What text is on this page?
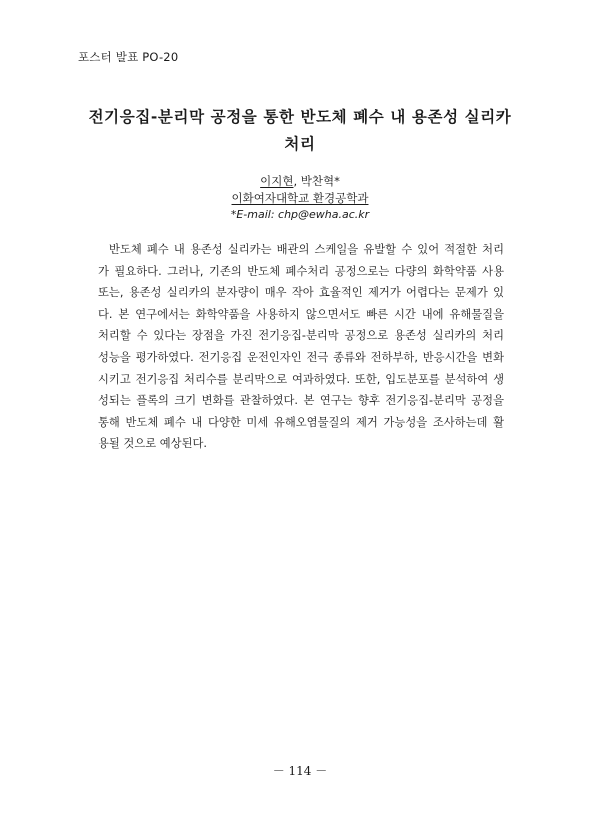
포스터 발표 PO-20
전기응집-분리막 공정을 통한 반도체 폐수 내 용존성 실리카
처리
이지현, 박찬혁*
이화여자대학교 환경공학과
*E-mail: chp@ewha.ac.kr
반도체 폐수 내 용존성 실리카는 배관의 스케일을 유발할 수 있어 적절한 처리
가 필요하다. 그러나, 기존의 반도체 폐수처리 공정으로는 다량의 화학약품 사용
또는, 용존성 실리카의 분자량이 매우 작아 효율적인 제거가 어렵다는 문제가 있
다. 본 연구에서는 화학약품을 사용하지 않으면서도 빠른 시간 내에 유해물질을
처리할 수 있다는 장점을 가진 전기응집-분리막 공정으로 용존성 실리카의 처리
성능을 평가하였다. 전기응집 운전인자인 전극 종류와 전하부하, 반응시간을 변화
시키고 전기응집 처리수를 분리막으로 여과하였다. 또한, 입도분포를 분석하여 생
성되는 플록의 크기 변화를 관찰하였다. 본 연구는 향후 전기응집-분리막 공정을
통해 반도체 폐수 내 다양한 미세 유해오염물질의 제거 가능성을 조사하는데 활
용될 것으로 예상된다.
－ 114 －
